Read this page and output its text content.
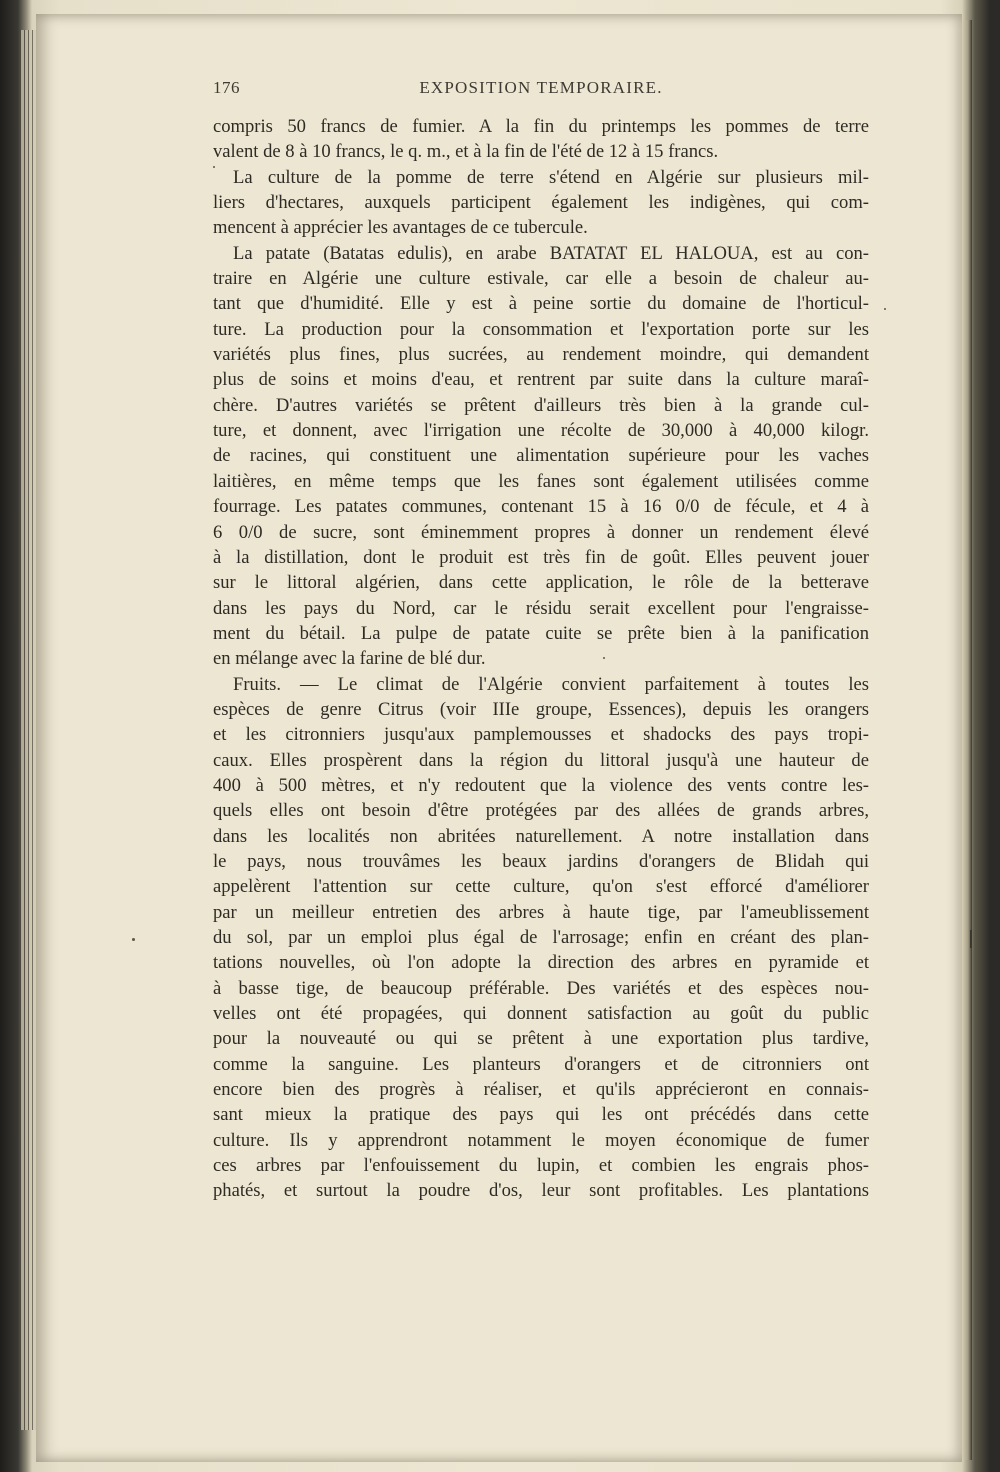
176	EXPOSITION TEMPORAIRE.
compris 50 francs de fumier. A la fin du printemps les pommes de terre
valent de 8 à 10 francs, le q. m., et à la fin de l'été de 12 à 15 francs.
La culture de la pomme de terre s'étend en Algérie sur plusieurs mil-
liers d'hectares, auxquels participent également les indigènes, qui com-
mencent à apprécier les avantages de ce tubercule.
La patate (Batatas edulis), en arabe BATATAT EL HALOUA, est au con-
traire en Algérie une culture estivale, car elle a besoin de chaleur au-
tant que d'humidité. Elle y est à peine sortie du domaine de l'horticul-
ture. La production pour la consommation et l'exportation porte sur les
variétés plus fines, plus sucrées, au rendement moindre, qui demandent
plus de soins et moins d'eau, et rentrent par suite dans la culture maraî-
chère. D'autres variétés se prêtent d'ailleurs très bien à la grande cul-
ture, et donnent, avec l'irrigation une récolte de 30,000 à 40,000 kilogr.
de racines, qui constituent une alimentation supérieure pour les vaches
laitières, en même temps que les fanes sont également utilisées comme
fourrage. Les patates communes, contenant 15 à 16 0/0 de fécule, et 4 à
6 0/0 de sucre, sont éminemment propres à donner un rendement élevé
à la distillation, dont le produit est très fin de goût. Elles peuvent jouer
sur le littoral algérien, dans cette application, le rôle de la betterave
dans les pays du Nord, car le résidu serait excellent pour l'engraisse-
ment du bétail. La pulpe de patate cuite se prête bien à la panification
en mélange avec la farine de blé dur.
Fruits. — Le climat de l'Algérie convient parfaitement à toutes les
espèces de genre Citrus (voir IIIe groupe, Essences), depuis les orangers
et les citronniers jusqu'aux pamplemousses et shadocks des pays tropi-
caux. Elles prospèrent dans la région du littoral jusqu'à une hauteur de
400 à 500 mètres, et n'y redoutent que la violence des vents contre les-
quels elles ont besoin d'être protégées par des allées de grands arbres,
dans les localités non abritées naturellement. A notre installation dans
le pays, nous trouvâmes les beaux jardins d'orangers de Blidah qui
appelèrent l'attention sur cette culture, qu'on s'est efforcé d'améliorer
par un meilleur entretien des arbres à haute tige, par l'ameublissement
du sol, par un emploi plus égal de l'arrosage; enfin en créant des plan-
tations nouvelles, où l'on adopte la direction des arbres en pyramide et
à basse tige, de beaucoup préférable. Des variétés et des espèces nou-
velles ont été propagées, qui donnent satisfaction au goût du public
pour la nouveauté ou qui se prêtent à une exportation plus tardive,
comme la sanguine. Les planteurs d'orangers et de citronniers ont
encore bien des progrès à réaliser, et qu'ils apprécieront en connais-
sant mieux la pratique des pays qui les ont précédés dans cette
culture. Ils y apprendront notamment le moyen économique de fumer
ces arbres par l'enfouissement du lupin, et combien les engrais phos-
phatés, et surtout la poudre d'os, leur sont profitables. Les plantations
